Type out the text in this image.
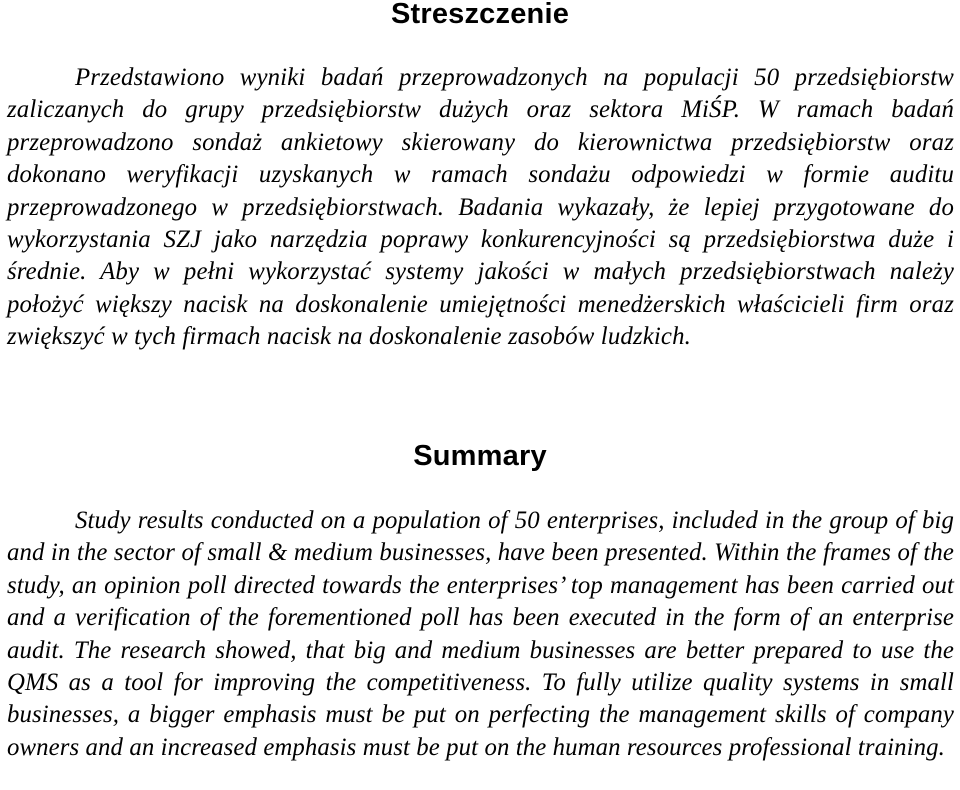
Streszczenie

Przedstawiono wyniki badań przeprowadzonych na populacji 50 przedsiębiorstw zaliczanych do grupy przedsiębiorstw dużych oraz sektora MiŚP. W ramach badań przeprowadzono sondaż ankietowy skierowany do kierownictwa przedsiębiorstw oraz dokonano weryfikacji uzyskanych w ramach sondażu odpowiedzi w formie auditu przeprowadzonego w przedsiębiorstwach. Badania wykazały, że lepiej przygotowane do wykorzystania SZJ jako narzędzia poprawy konkurencyjności są przedsiębiorstwa duże i średnie. Aby w pełni wykorzystać systemy jakości w małych przedsiębiorstwach należy położyć większy nacisk na doskonalenie umiejętności menedżerskich właścicieli firm oraz zwiększyć w tych firmach nacisk na doskonalenie zasobów ludzkich.

Summary

Study results conducted on a population of 50 enterprises, included in the group of big and in the sector of small & medium businesses, have been presented. Within the frames of the study, an opinion poll directed towards the enterprises’ top management has been carried out and a verification of the forementioned poll has been executed in the form of an enterprise audit. The research showed, that big and medium businesses are better prepared to use the QMS as a tool for improving the competitiveness. To fully utilize quality systems in small businesses, a bigger emphasis must be put on perfecting the management skills of company owners and an increased emphasis must be put on the human resources professional training.
